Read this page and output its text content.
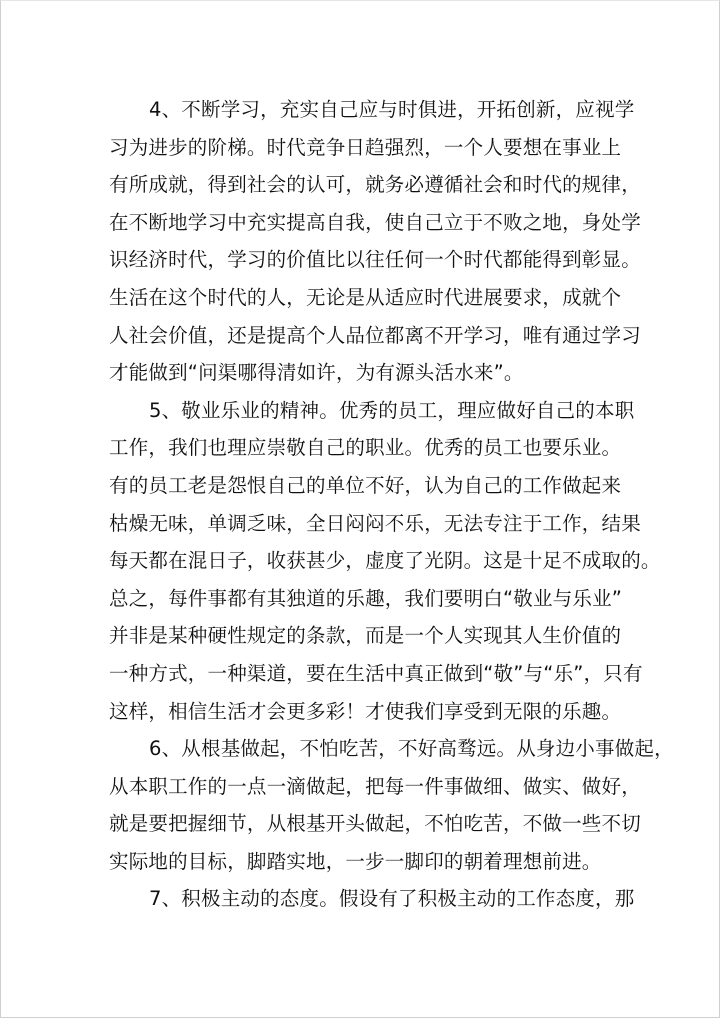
4、不断学习，充实自己应与时俱进，开拓创新，应视学
习为进步的阶梯。时代竞争日趋强烈，一个人要想在事业上
有所成就，得到社会的认可，就务必遵循社会和时代的规律，
在不断地学习中充实提高自我，使自己立于不败之地，身处学
识经济时代，学习的价值比以往任何一个时代都能得到彰显。
生活在这个时代的人，无论是从适应时代进展要求，成就个
人社会价值，还是提高个人品位都离不开学习，唯有通过学习
才能做到“问渠哪得清如许，为有源头活水来”。
5、敬业乐业的精神。优秀的员工，理应做好自己的本职
工作，我们也理应崇敬自己的职业。优秀的员工也要乐业。
有的员工老是怨恨自己的单位不好，认为自己的工作做起来
枯燥无味，单调乏味，全日闷闷不乐，无法专注于工作，结果
每天都在混日子，收获甚少，虚度了光阴。这是十足不成取的。
总之，每件事都有其独道的乐趣，我们要明白“敬业与乐业”
并非是某种硬性规定的条款，而是一个人实现其人生价值的
一种方式，一种渠道，要在生活中真正做到“敬”与“乐”，只有
这样，相信生活才会更多彩！才使我们享受到无限的乐趣。
6、从根基做起，不怕吃苦，不好高骛远。从身边小事做起，
从本职工作的一点一滴做起，把每一件事做细、做实、做好，
就是要把握细节，从根基开头做起，不怕吃苦，不做一些不切
实际地的目标，脚踏实地，一步一脚印的朝着理想前进。
7、积极主动的态度。假设有了积极主动的工作态度，那
